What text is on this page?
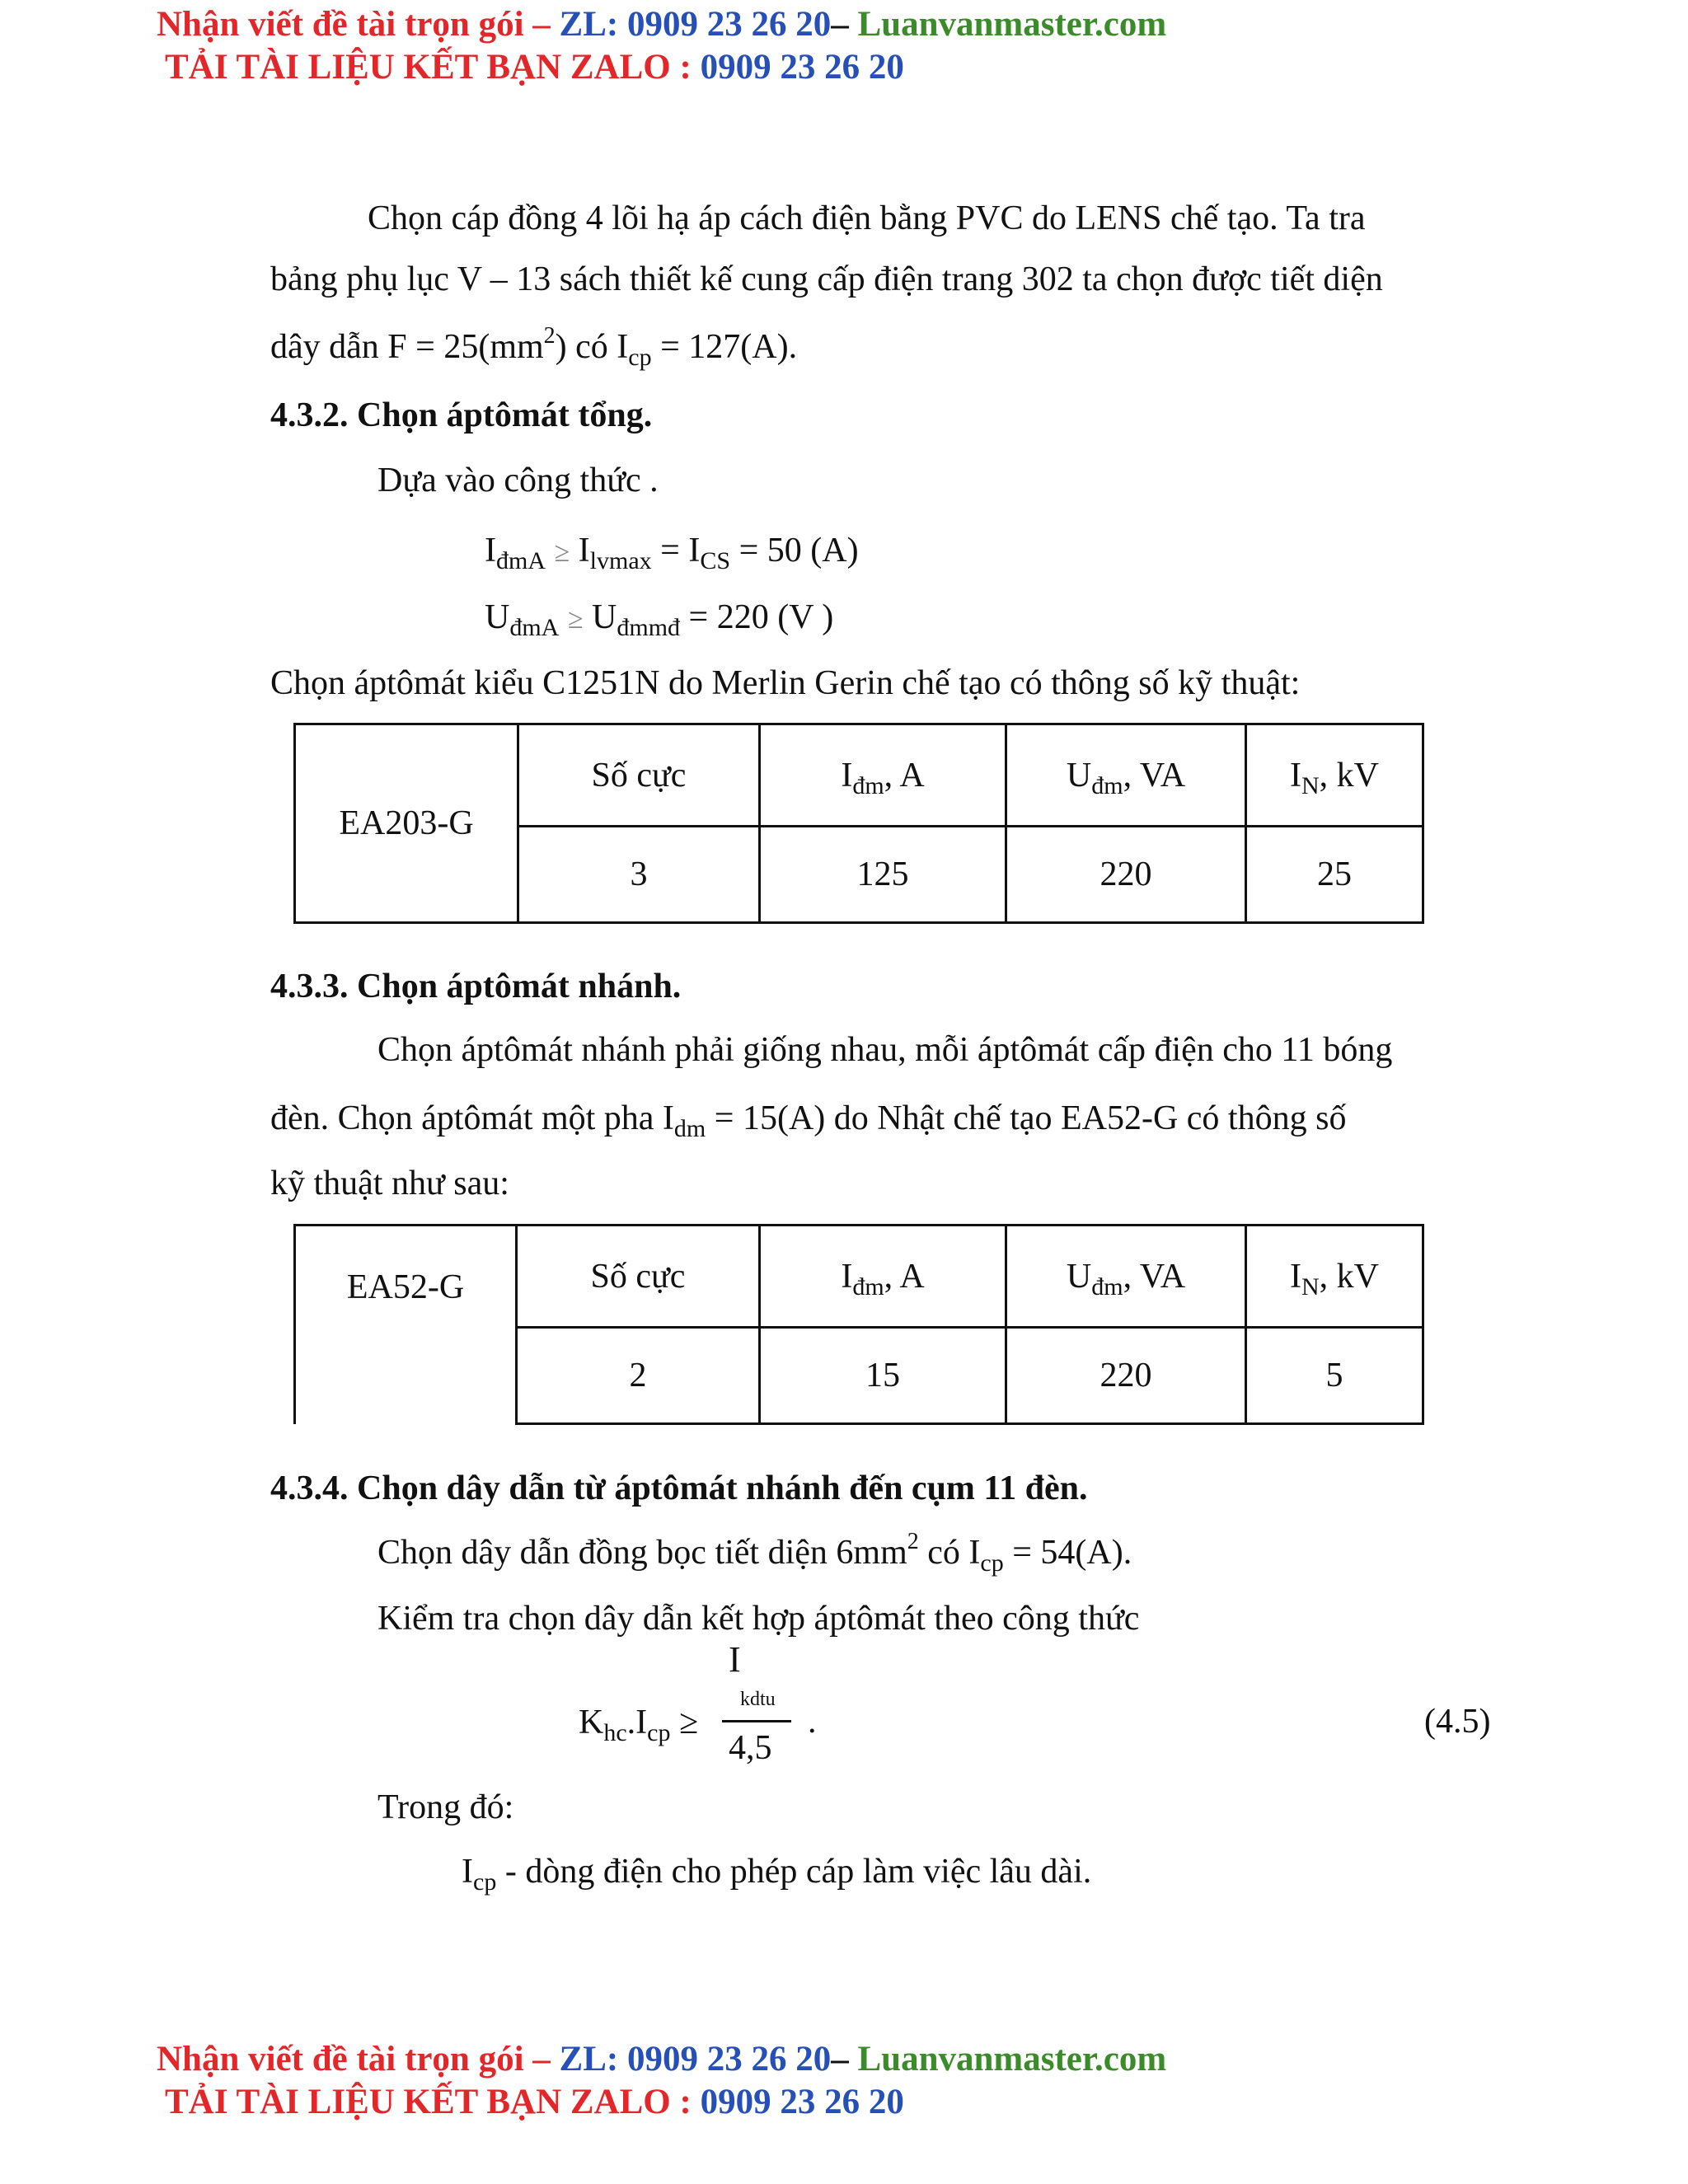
Nhận viết đề tài trọn gói – ZL: 0909 23 26 20– Luanvanmaster.com
TẢI TÀI LIỆU KẾT BẠN ZALO : 0909 23 26 20
Chọn cáp đồng 4 lõi hạ áp cách điện bằng PVC do LENS chế tạo. Ta tra
bảng phụ lục V – 13 sách thiết kế cung cấp điện trang 302 ta chọn được tiết diện
dây dẫn $F = 25(mm^2)$ có $I_{cp} = 127(A)$.
4.3.2. Chọn áptômát tổng.
Dựa vào công thức .
$I_{đmA} \ge I_{lvmax} = I_{CS} = 50$ (A)
$U_{đmA} \ge U_{đmmđ} = 220$ (V )
Chọn áptômát kiểu C1251N do Merlin Gerin chế tạo có thông số kỹ thuật:
EA203-G	Số cực	$I_{đm}$, A	$U_{đm}$, VA	$I_N$, kV
	3	125	220	25
4.3.3. Chọn áptômát nhánh.
Chọn áptômát nhánh phải giống nhau, mỗi áptômát cấp điện cho 11 bóng
đèn. Chọn áptômát một pha $I_{dm} = 15(A)$ do Nhật chế tạo EA52-G có thông số
kỹ thuật như sau:
EA52-G	Số cực	$I_{đm}$, A	$U_{đm}$, VA	$I_N$, kV
	2	15	220	5
4.3.4. Chọn dây dẫn từ áptômát nhánh đến cụm 11 đèn.
Chọn dây dẫn đồng bọc tiết diện $6mm^2$ có $I_{cp} = 54(A)$.
Kiểm tra chọn dây dẫn kết hợp áptômát theo công thức
$K_{hc}.I_{cp}$ ≥
I
kdtu
4,5
.	(4.5)
Trong đó:
$I_{cp}$ - dòng điện cho phép cáp làm việc lâu dài.
Nhận viết đề tài trọn gói – ZL: 0909 23 26 20– Luanvanmaster.com
TẢI TÀI LIỆU KẾT BẠN ZALO : 0909 23 26 20
